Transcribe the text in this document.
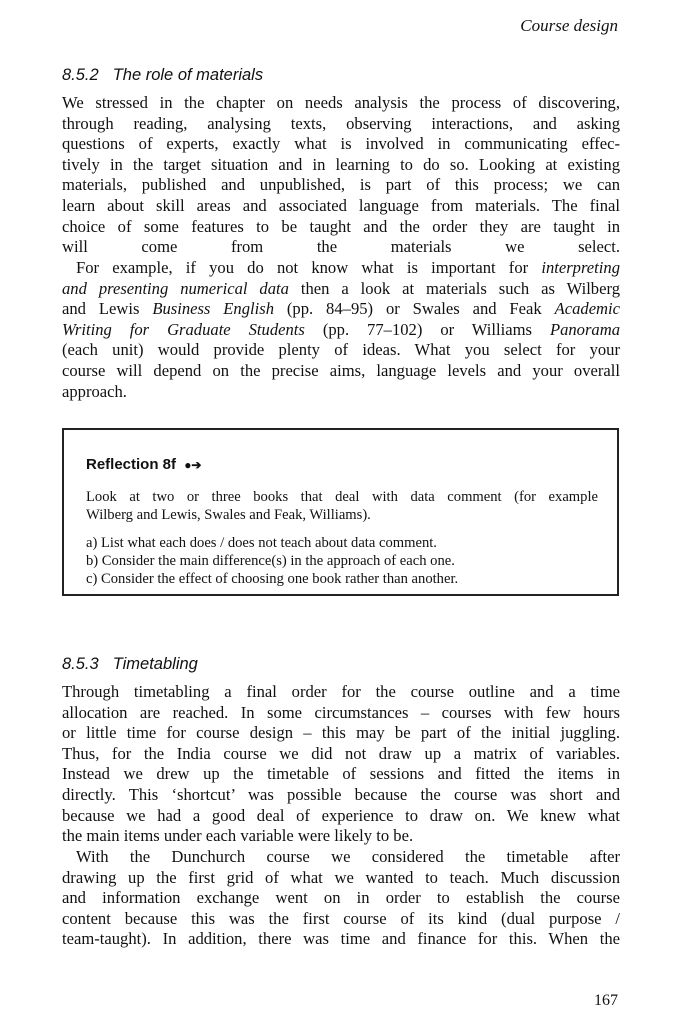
Course design
8.5.2 The role of materials
We stressed in the chapter on needs analysis the process of discovering,
through reading, analysing texts, observing interactions, and asking
questions of experts, exactly what is involved in communicating effec-
tively in the target situation and in learning to do so. Looking at existing
materials, published and unpublished, is part of this process; we can
learn about skill areas and associated language from materials. The final
choice of some features to be taught and the order they are taught in
will come from the materials we select.
For example, if you do not know what is important for interpreting
and presenting numerical data then a look at materials such as Wilberg
and Lewis Business English (pp. 84–95) or Swales and Feak Academic
Writing for Graduate Students (pp. 77–102) or Williams Panorama
(each unit) would provide plenty of ideas. What you select for your
course will depend on the precise aims, language levels and your overall
approach.
Reflection 8f ●➔
Look at two or three books that deal with data comment (for example
Wilberg and Lewis, Swales and Feak, Williams).
a) List what each does / does not teach about data comment.
b) Consider the main difference(s) in the approach of each one.
c) Consider the effect of choosing one book rather than another.
8.5.3 Timetabling
Through timetabling a final order for the course outline and a time
allocation are reached. In some circumstances – courses with few hours
or little time for course design – this may be part of the initial juggling.
Thus, for the India course we did not draw up a matrix of variables.
Instead we drew up the timetable of sessions and fitted the items in
directly. This ‘shortcut’ was possible because the course was short and
because we had a good deal of experience to draw on. We knew what
the main items under each variable were likely to be.
With the Dunchurch course we considered the timetable after
drawing up the first grid of what we wanted to teach. Much discussion
and information exchange went on in order to establish the course
content because this was the first course of its kind (dual purpose /
team-taught). In addition, there was time and finance for this. When the
167
